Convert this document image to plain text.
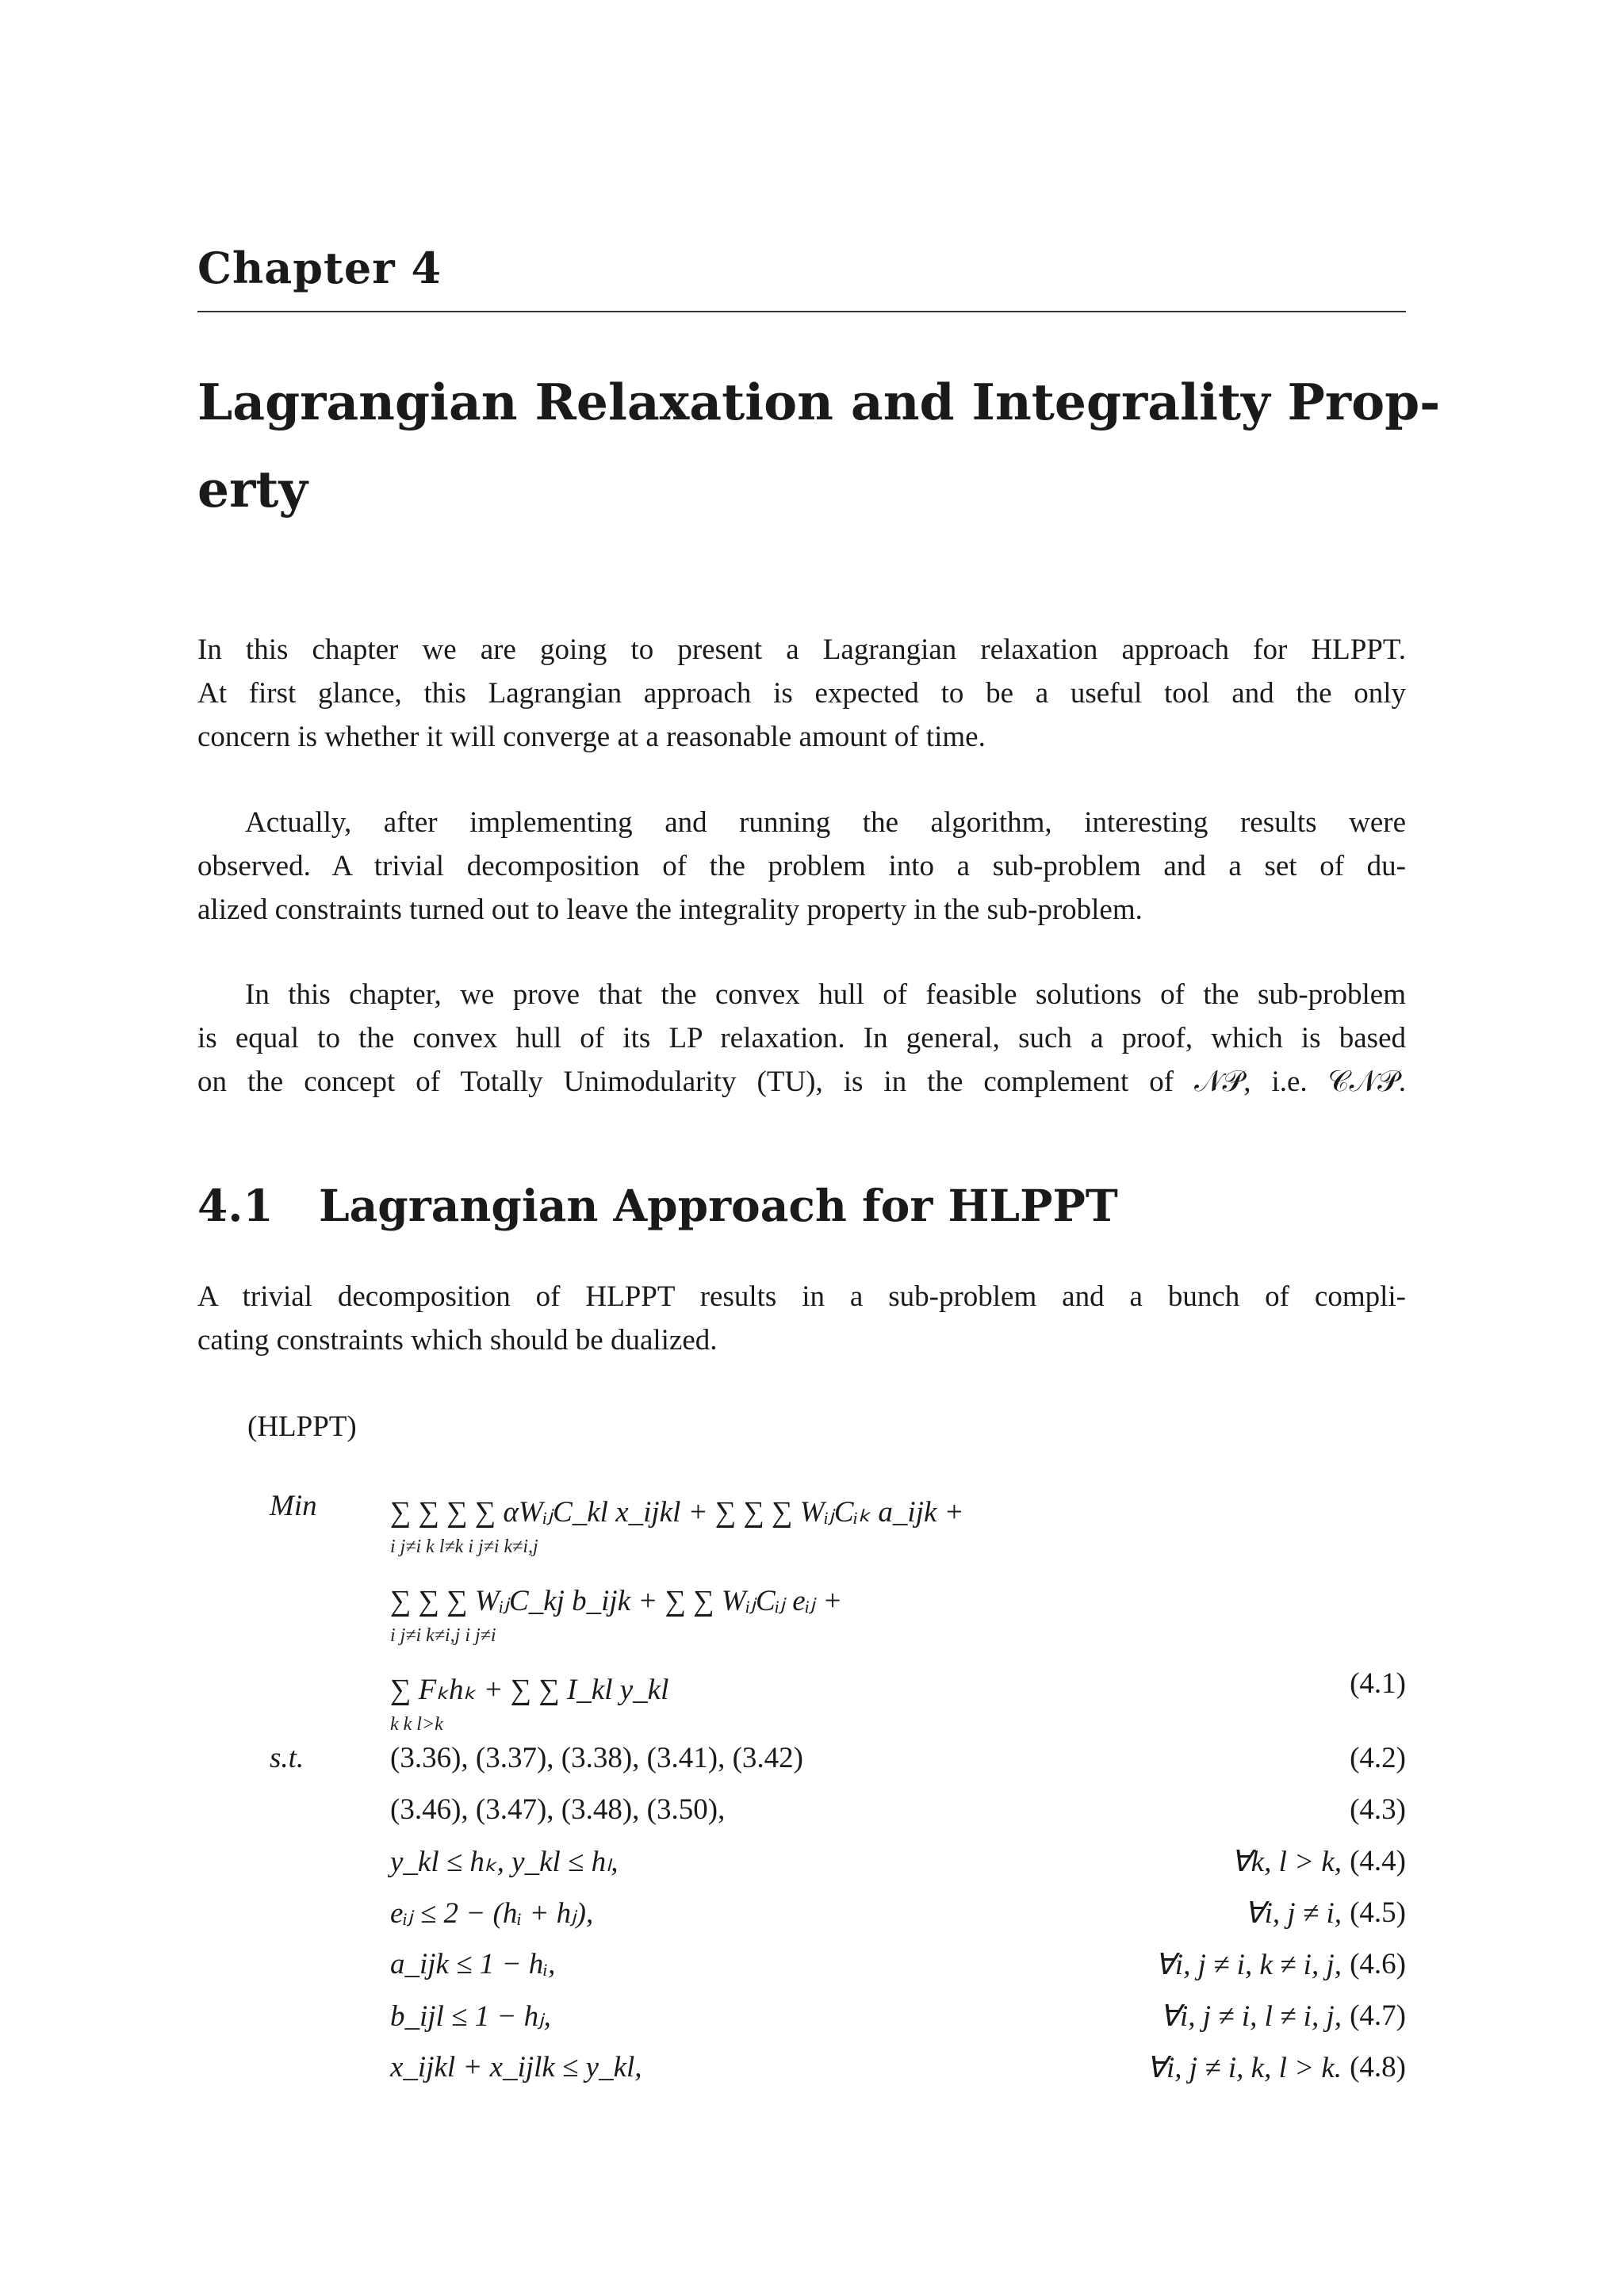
Chapter 4
Lagrangian Relaxation and Integrality Prop-
erty
In this chapter we are going to present a Lagrangian relaxation approach for HLPPT.
At first glance, this Lagrangian approach is expected to be a useful tool and the only
concern is whether it will converge at a reasonable amount of time.
Actually, after implementing and running the algorithm, interesting results were
observed. A trivial decomposition of the problem into a sub-problem and a set of du-
alized constraints turned out to leave the integrality property in the sub-problem.
In this chapter, we prove that the convex hull of feasible solutions of the sub-problem
is equal to the convex hull of its LP relaxation. In general, such a proof, which is based
on the concept of Totally Unimodularity (TU), is in the complement of 𝒩𝒫, i.e. 𝒞𝒩𝒫.
4.1 Lagrangian Approach for HLPPT
A trivial decomposition of HLPPT results in a sub-problem and a bunch of compli-
cating constraints which should be dualized.
(HLPPT)
Min ∑ ∑ ∑ ∑ αWᵢⱼC_kl x_ijkl + ∑ ∑ ∑ WᵢⱼCᵢₖ a_ijk +
i j≠i k l≠k i j≠i k≠i,j
∑ ∑ ∑ WᵢⱼC_kj b_ijk + ∑ ∑ WᵢⱼCᵢⱼ eᵢⱼ +
i j≠i k≠i,j i j≠i
∑ Fₖhₖ + ∑ ∑ I_kl y_kl
k k l>k
(4.1)
s.t.	(3.36), (3.37), (3.38), (3.41), (3.42)	(4.2)
(3.46), (3.47), (3.48), (3.50),	(4.3)
y_kl ≤ hₖ, y_kl ≤ hₗ,	∀k, l > k, (4.4)
eᵢⱼ ≤ 2 − (hᵢ + hⱼ),	∀i, j ≠ i, (4.5)
a_ijk ≤ 1 − hᵢ,	∀i, j ≠ i, k ≠ i, j, (4.6)
b_ijl ≤ 1 − hⱼ,	∀i, j ≠ i, l ≠ i, j, (4.7)
x_ijkl + x_ijlk ≤ y_kl,	∀i, j ≠ i, k, l > k. (4.8)
